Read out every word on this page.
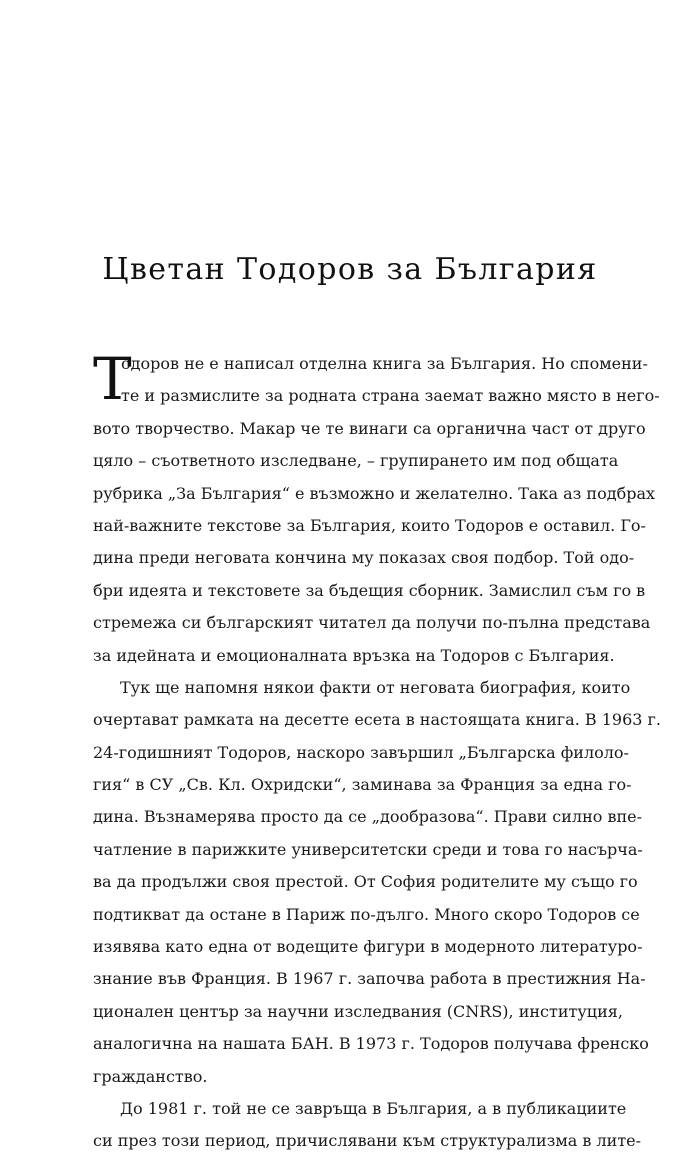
Цветан Тодоров за България
Т
одоров не е написал отделна книга за България. Но спомени-
те и размислите за родната страна заемат важно място в него-
вото творчество. Макар че те винаги са органична част от друго
цяло – съответното изследване, – групирането им под общата
рубрика „За България“ е възможно и желателно. Така аз подбрах
най-важните текстове за България, които Тодоров е оставил. Го-
дина преди неговата кончина му показах своя подбор. Той одо-
бри идеята и текстовете за бъдещия сборник. Замислил съм го в
стремежа си българският читател да получи по-пълна представа
за идейната и емоционалната връзка на Тодоров с България.
Тук ще напомня някои факти от неговата биография, които
очертават рамката на десетте есета в настоящата книга. В 1963 г.
24-годишният Тодоров, наскоро завършил „Българска филоло-
гия“ в СУ „Св. Кл. Охридски“, заминава за Франция за една го-
дина. Възнамерява просто да се „дообразова“. Прави силно впе-
чатление в парижките университетски среди и това го насърча-
ва да продължи своя престой. От София родителите му също го
подтикват да остане в Париж по-дълго. Много скоро Тодоров се
изявява като една от водещите фигури в модерното литературо-
знание във Франция. В 1967 г. започва работа в престижния На-
ционален център за научни изследвания (CNRS), институция,
аналогична на нашата БАН. В 1973 г. Тодоров получава френско
гражданство.
До 1981 г. той не се завръща в България, а в публикациите
си през този период, причислявани към структурализма в лите-
